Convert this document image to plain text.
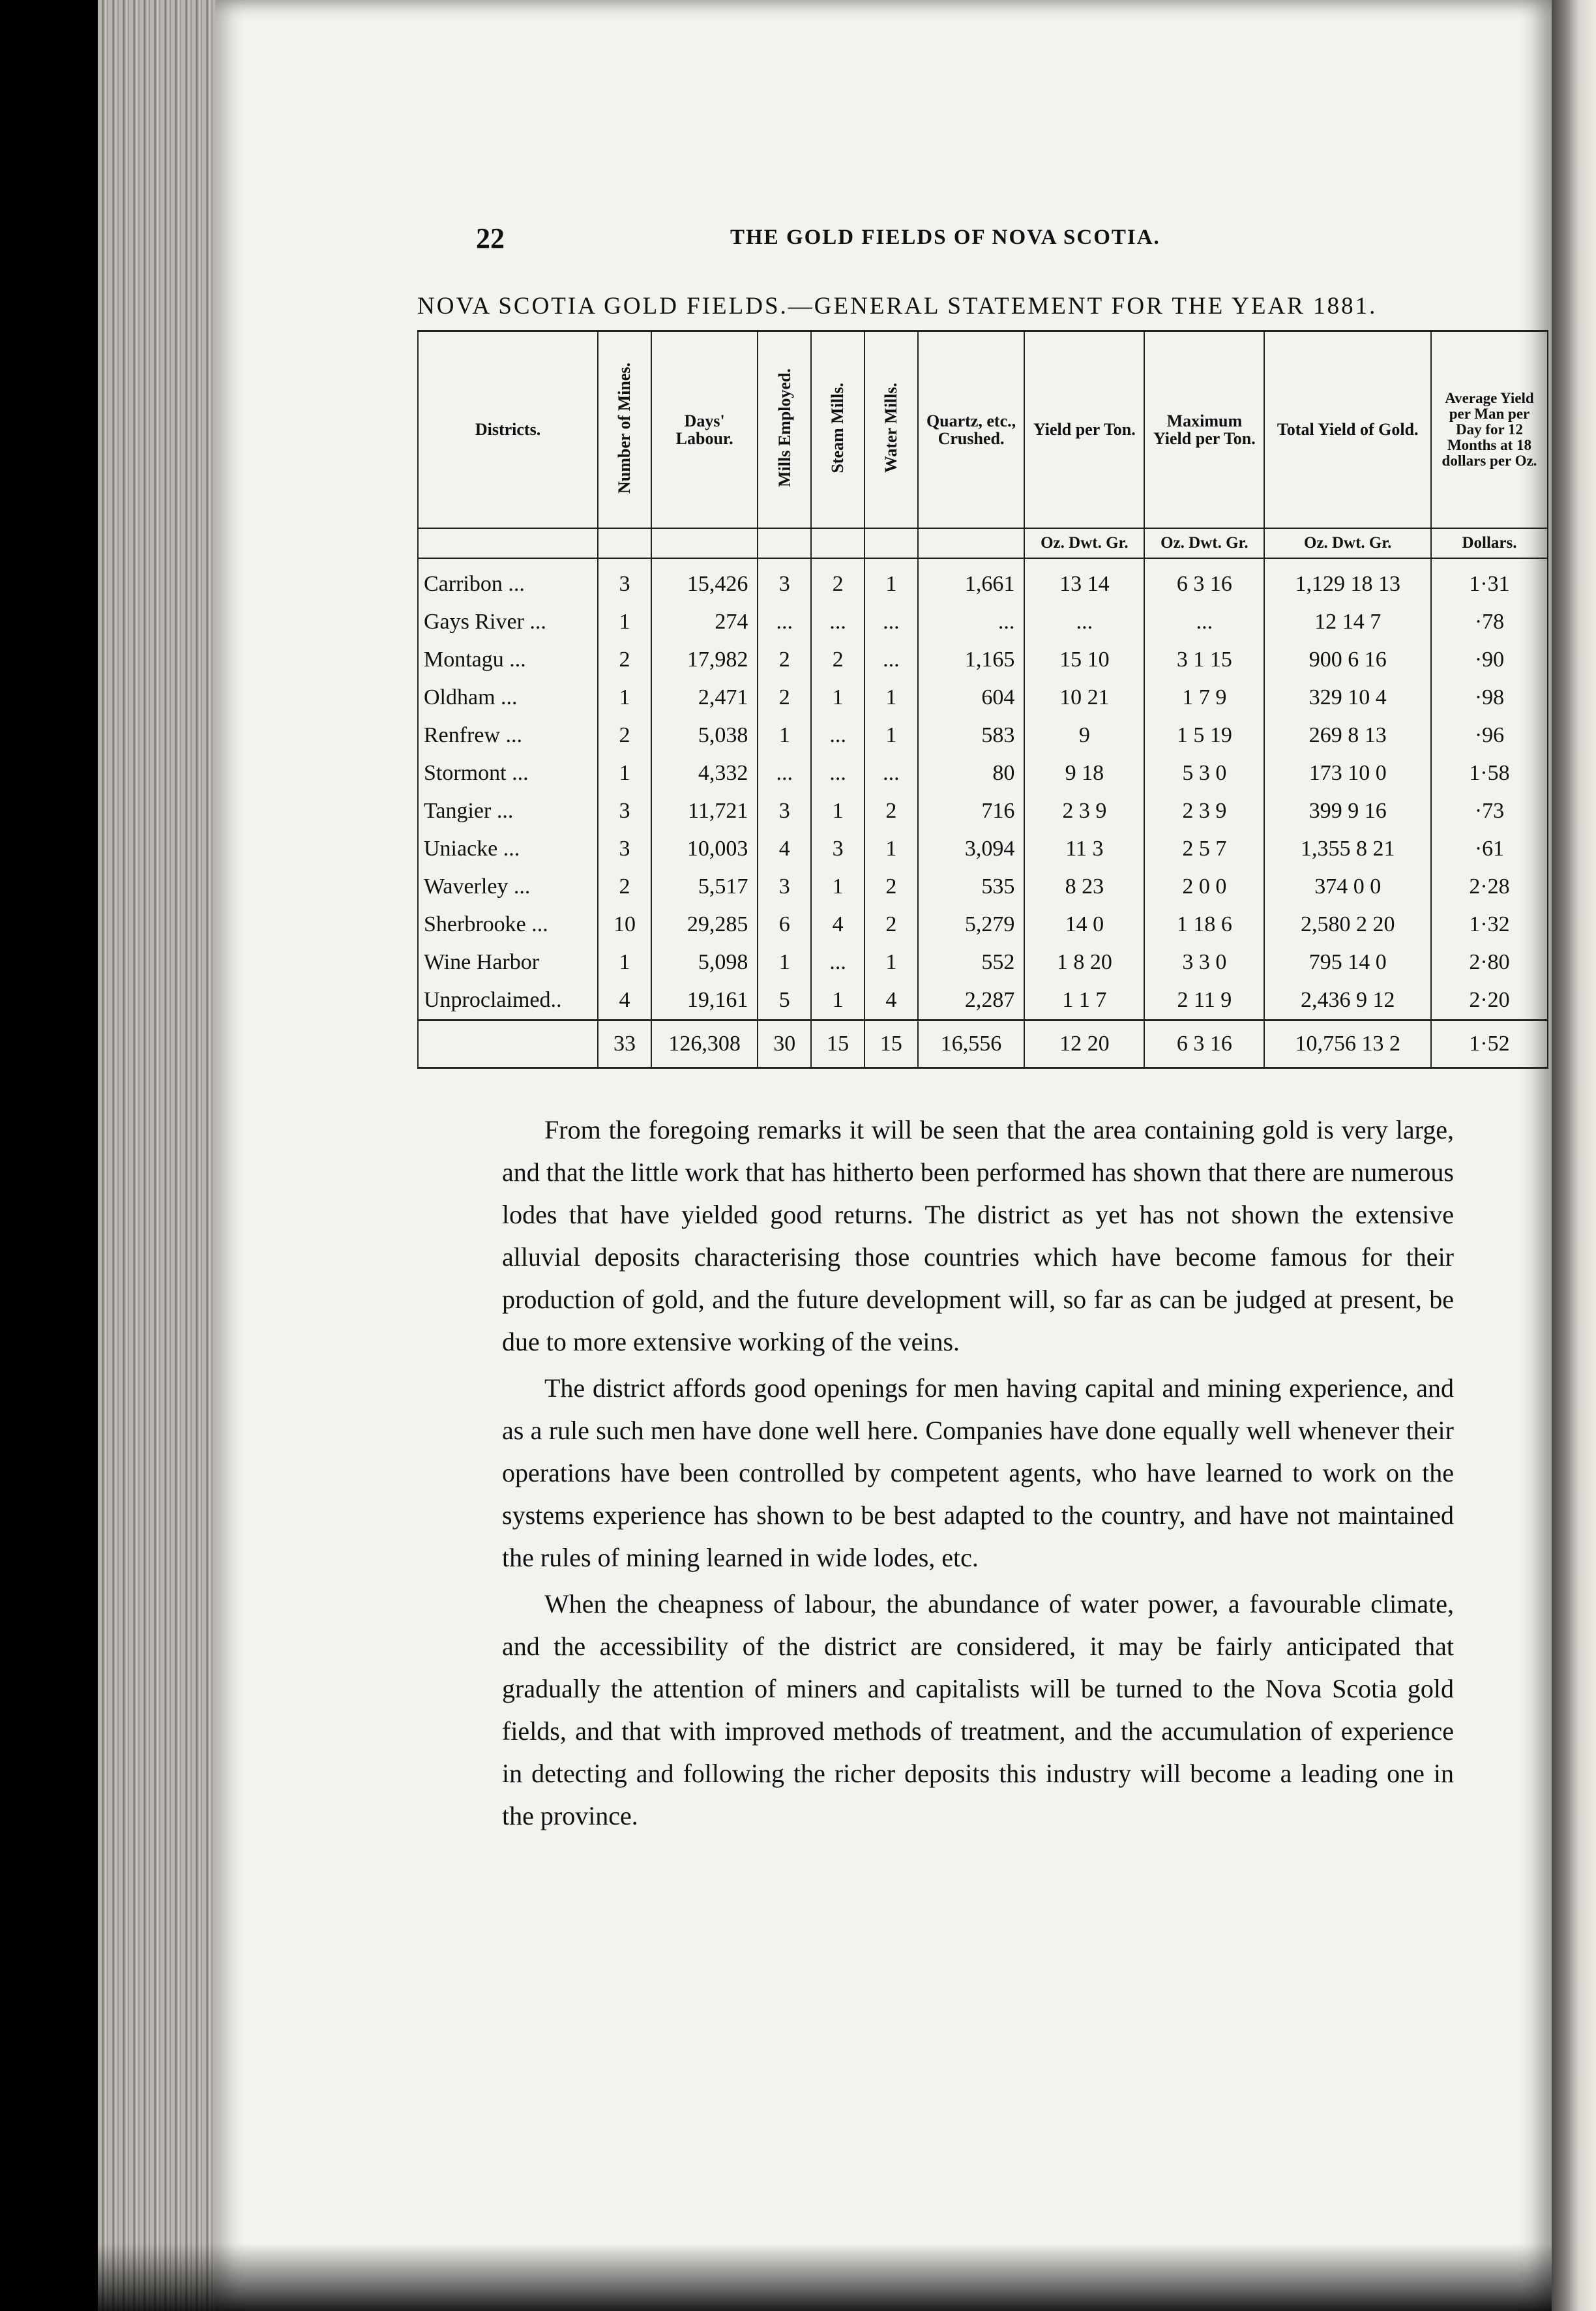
22	THE GOLD FIELDS OF NOVA SCOTIA.
NOVA SCOTIA GOLD FIELDS.—GENERAL STATEMENT FOR THE YEAR 1881.
Districts.	Number of Mines.	Days' Labour.	Mills Employed.	Steam Mills.	Water Mills.	Quartz, etc., Crushed.	Yield per Ton.	Maximum Yield per Ton.	Total Yield of Gold.	Average Yield per Man per Day for 12 Months at 18 dollars per Oz.
							Oz. Dwt. Gr.	Oz. Dwt. Gr.	Oz. Dwt. Gr.	Dollars.
Carribon ...	3	15,426	3	2	1	1,661	13 14	6 3 16	1,129 18 13	1·31
Gays River ...	1	274	...	...	...	...	...	...	12 14 7	·78
Montagu ...	2	17,982	2	2	...	1,165	15 10	3 1 15	900 6 16	·90
Oldham ...	1	2,471	2	1	1	604	10 21	1 7 9	329 10 4	·98
Renfrew ...	2	5,038	1	...	1	583	9	1 5 19	269 8 13	·96
Stormont ...	1	4,332	...	...	...	80	9 18	5 3 0	173 10 0	1·58
Tangier ...	3	11,721	3	1	2	716	2 3 9	2 3 9	399 9 16	·73
Uniacke ...	3	10,003	4	3	1	3,094	11 3	2 5 7	1,355 8 21	·61
Waverley ...	2	5,517	3	1	2	535	8 23	2 0 0	374 0 0	2·28
Sherbrooke ...	10	29,285	6	4	2	5,279	14 0	1 18 6	2,580 2 20	1·32
Wine Harbor	1	5,098	1	...	1	552	1 8 20	3 3 0	795 14 0	2·80
Unproclaimed..	4	19,161	5	1	4	2,287	1 1 7	2 11 9	2,436 9 12	2·20
	33	126,308	30	15	15	16,556	12 20	6 3 16	10,756 13 2	1·52

From the foregoing remarks it will be seen that the area containing gold is very large, and that the little work that has hitherto been performed has shown that there are numerous lodes that have yielded good returns. The district as yet has not shown the extensive alluvial deposits characterising those countries which have become famous for their production of gold, and the future development will, so far as can be judged at present, be due to more extensive working of the veins.

The district affords good openings for men having capital and mining experience, and as a rule such men have done well here. Companies have done equally well whenever their operations have been controlled by competent agents, who have learned to work on the systems experience has shown to be best adapted to the country, and have not maintained the rules of mining learned in wide lodes, etc.

When the cheapness of labour, the abundance of water power, a favourable climate, and the accessibility of the district are considered, it may be fairly anticipated that gradually the attention of miners and capitalists will be turned to the Nova Scotia gold fields, and that with improved methods of treatment, and the accumulation of experience in detecting and following the richer deposits this industry will become a leading one in the province.
